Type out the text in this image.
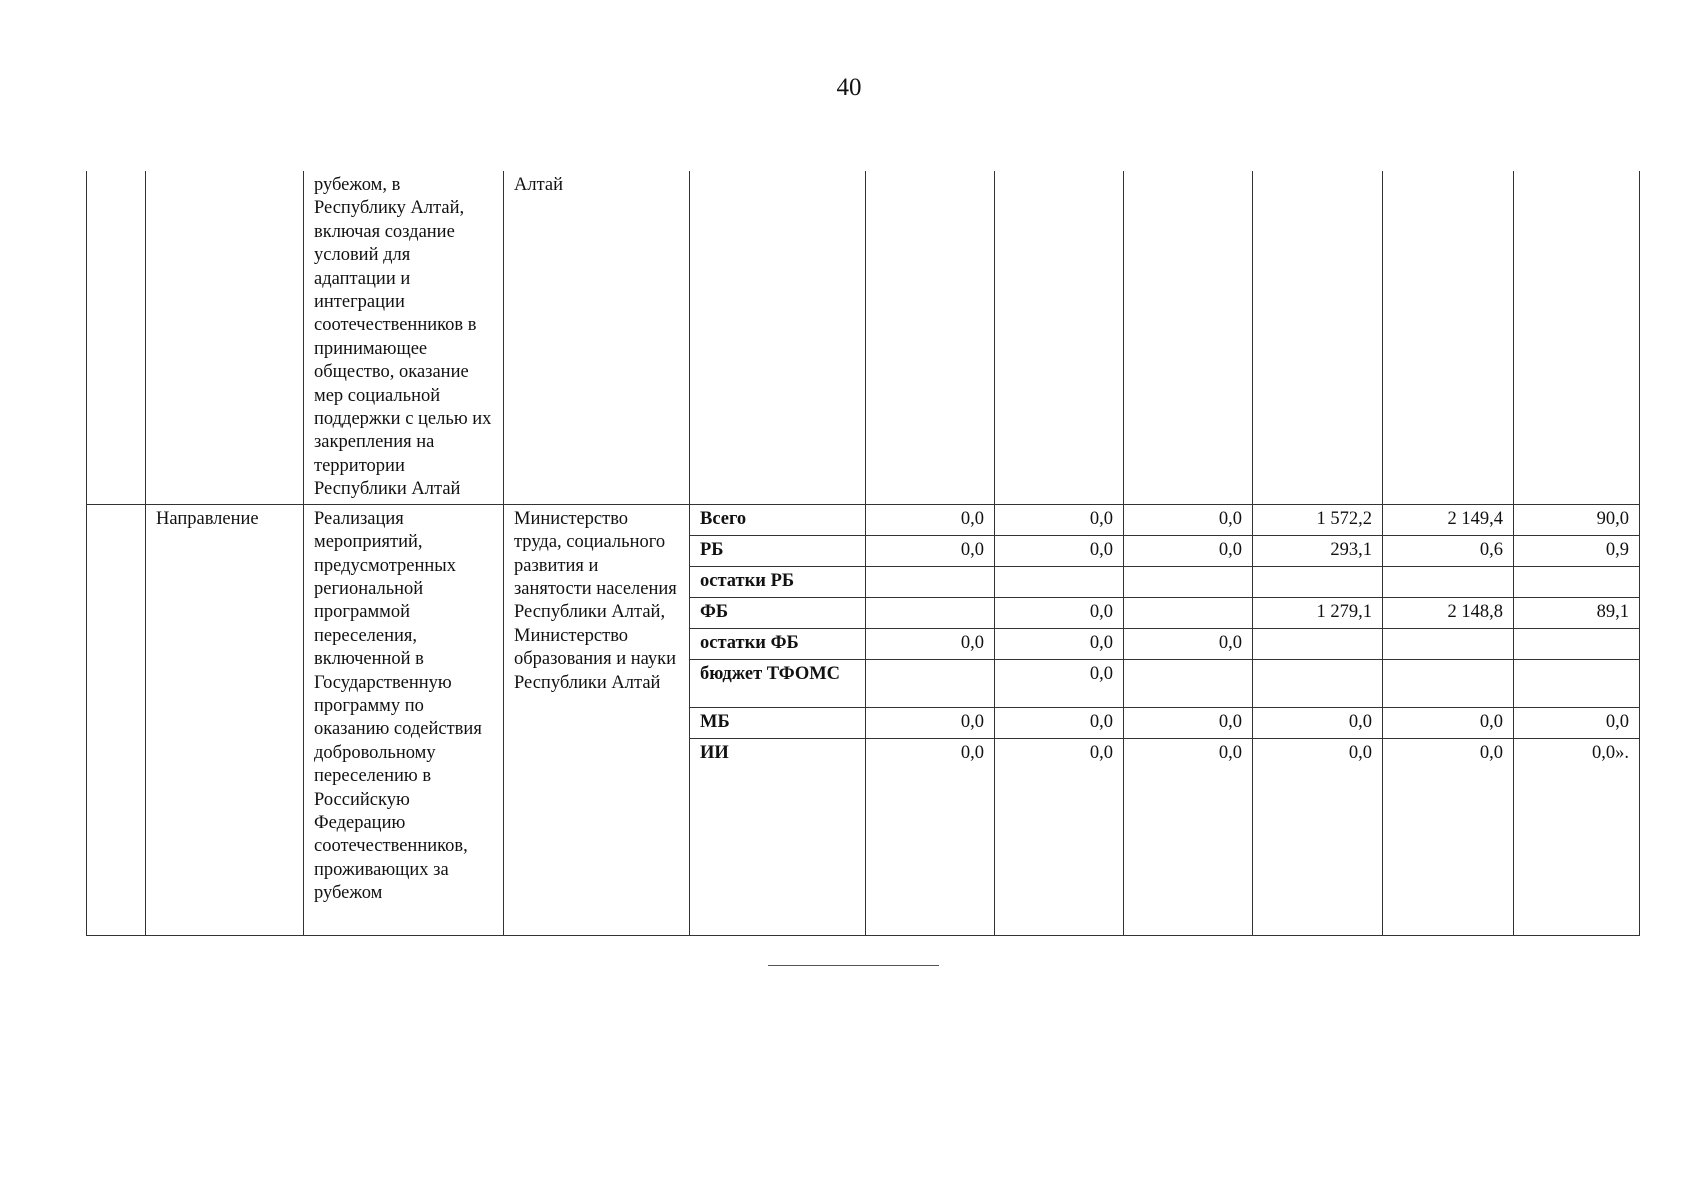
40
		рубежом, в Республику Алтай, включая создание условий для адаптации и интеграции соотечественников в принимающее общество, оказание мер социальной поддержки с целью их закрепления на территории Республики Алтай	Алтай							
	Направление	Реализация мероприятий, предусмотренных региональной программой переселения, включенной в Государственную программу по оказанию содействия добровольному переселению в Российскую Федерацию соотечественников, проживающих за рубежом	Министерство труда, социального развития и занятости населения Республики Алтай, Министерство образования и науки Республики Алтай	Всего	0,0	0,0	0,0	1 572,2	2 149,4	90,0
				РБ	0,0	0,0	0,0	293,1	0,6	0,9
				остатки РБ						
				ФБ		0,0		1 279,1	2 148,8	89,1
				остатки ФБ	0,0	0,0	0,0			
				бюджет ТФОМС		0,0				
				МБ	0,0	0,0	0,0	0,0	0,0	0,0
				ИИ	0,0	0,0	0,0	0,0	0,0	0,0».
